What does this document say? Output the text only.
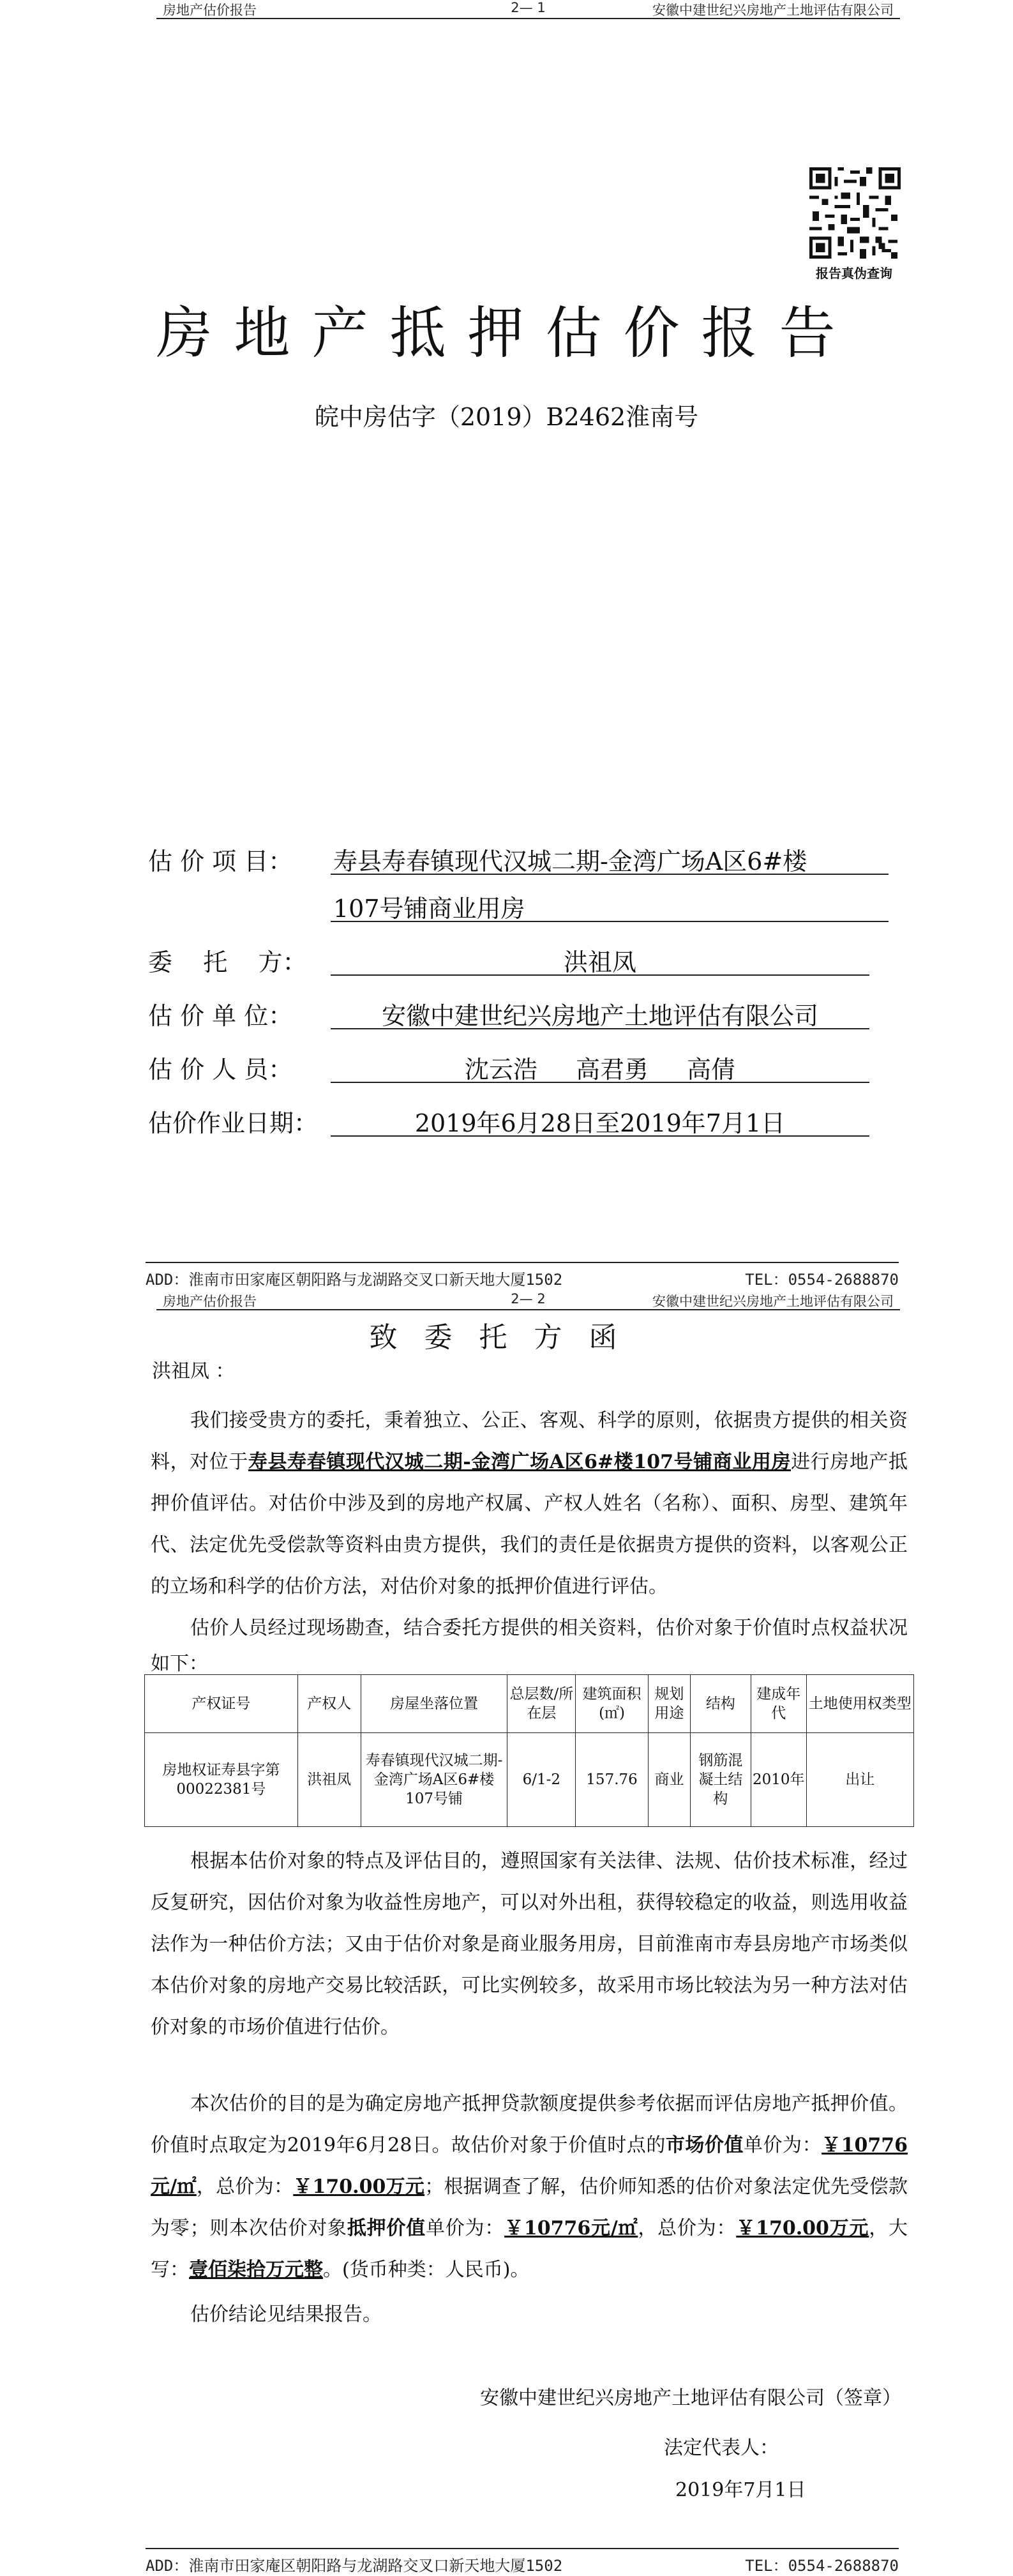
房地产估价报告	2— 1	安徽中建世纪兴房地产土地评估有限公司
报告真伪查询
房地产抵押估价报告
皖中房估字（2019）B2462淮南号
估 价 项 目： 寿县寿春镇现代汉城二期-金湾广场A区6#楼
107号铺商业用房
委    托    方：	洪祖凤
估 价 单 位：	安徽中建世纪兴房地产土地评估有限公司
估 价 人 员：	沈云浩 高君勇 高倩
估价作业日期：	2019年6月28日至2019年7月1日
ADD：淮南市田家庵区朝阳路与龙湖路交叉口新天地大厦1502	TEL：0554-2688870
房地产估价报告	2— 2	安徽中建世纪兴房地产土地评估有限公司
致委托方函
洪祖凤 ：
我们接受贵方的委托，秉着独立、公正、客观、科学的原则，依据贵方提供的相关资料，对位于寿县寿春镇现代汉城二期-金湾广场A区6#楼107号铺商业用房进行房地产抵押价值评估。对估价中涉及到的房地产权属、产权人姓名（名称）、面积、房型、建筑年代、法定优先受偿款等资料由贵方提供，我们的责任是依据贵方提供的资料，以客观公正的立场和科学的估价方法，对估价对象的抵押价值进行评估。
估价人员经过现场勘查，结合委托方提供的相关资料，估价对象于价值时点权益状况如下：
产权证号	产权人	房屋坐落位置	总层数/所在层	建筑面积(㎡)	规划用途	结构	建成年代	土地使用权类型
房地权证寿县字第00022381号	洪祖凤	寿春镇现代汉城二期-金湾广场A区6#楼107号铺	6/1-2	157.76	商业	钢筋混凝土结构	2010年	出让
根据本估价对象的特点及评估目的，遵照国家有关法律、法规、估价技术标准，经过反复研究，因估价对象为收益性房地产，可以对外出租，获得较稳定的收益，则选用收益法作为一种估价方法；又由于估价对象是商业服务用房，目前淮南市寿县房地产市场类似本估价对象的房地产交易比较活跃，可比实例较多，故采用市场比较法为另一种方法对估价对象的市场价值进行估价。
本次估价的目的是为确定房地产抵押贷款额度提供参考依据而评估房地产抵押价值。价值时点取定为2019年6月28日。故估价对象于价值时点的市场价值单价为：￥10776元/㎡，总价为：￥170.00万元；根据调查了解，估价师知悉的估价对象法定优先受偿款为零；则本次估价对象抵押价值单价为：￥10776元/㎡，总价为：￥170.00万元，大写：壹佰柒拾万元整。(货币种类：人民币)。
估价结论见结果报告。
安徽中建世纪兴房地产土地评估有限公司（签章）
法定代表人：
2019年7月1日
ADD：淮南市田家庵区朝阳路与龙湖路交叉口新天地大厦1502	TEL：0554-2688870
